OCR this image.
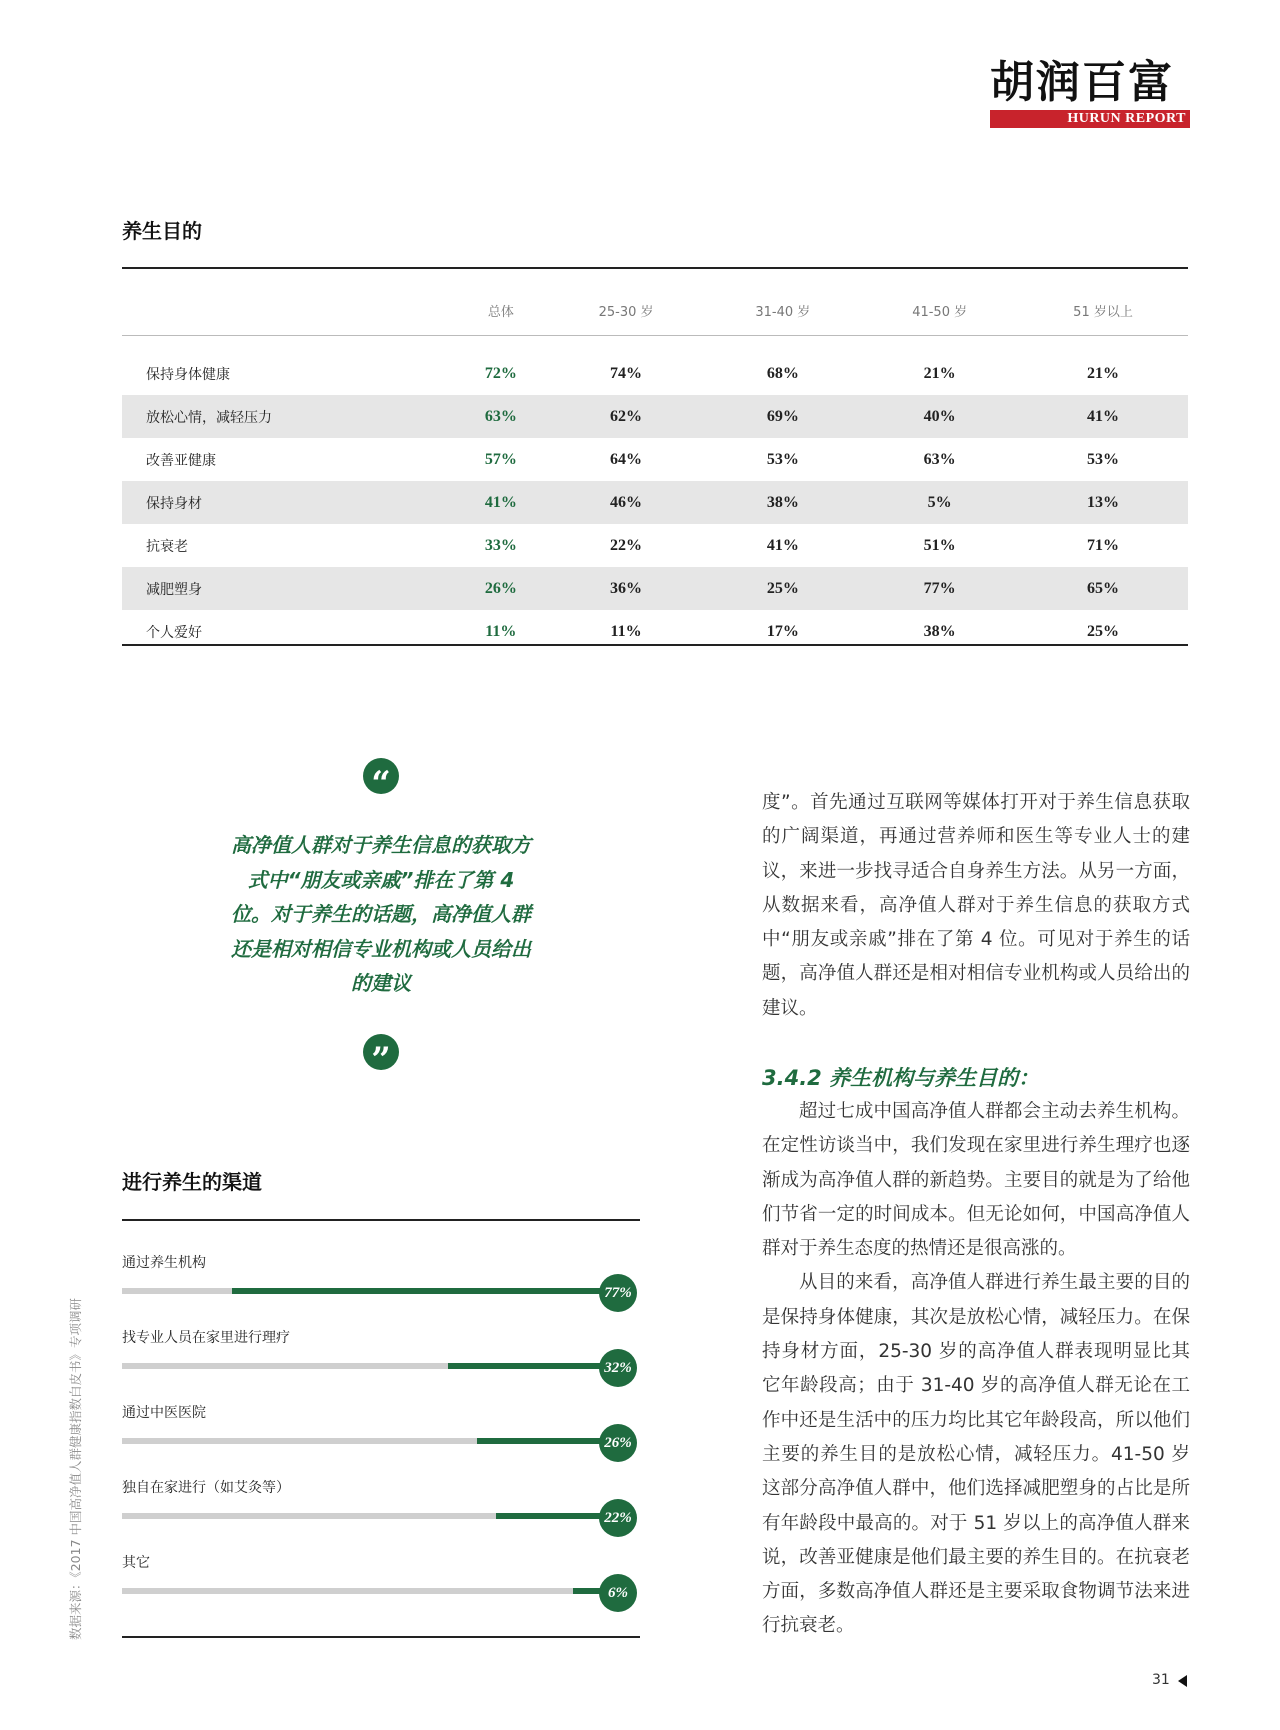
胡润百富
HURUN REPORT
养生目的
	总体	25-30 岁	31-40 岁	41-50 岁	51 岁以上

保持身体健康	72%	74%	68%	21%	21%
放松心情，减轻压力	63%	62%	69%	40%	41%
改善亚健康	57%	64%	53%	63%	53%
保持身材	41%	46%	38%	5%	13%
抗衰老	33%	22%	41%	51%	71%
减肥塑身	26%	36%	25%	77%	65%
个人爱好	11%	11%	17%	38%	25%
“
高净值人群对于养生信息的获取方式中“朋友或亲戚”排在了第 4 位。对于养生的话题，高净值人群还是相对相信专业机构或人员给出的建议
”

度”。首先通过互联网等媒体打开对于养生信息获取的广阔渠道，再通过营养师和医生等专业人士的建议，来进一步找寻适合自身养生方法。从另一方面，从数据来看，高净值人群对于养生信息的获取方式中“朋友或亲戚”排在了第 4 位。可见对于养生的话题，高净值人群还是相对相信专业机构或人员给出的建议。

3.4.2 养生机构与养生目的：

超过七成中国高净值人群都会主动去养生机构。在定性访谈当中，我们发现在家里进行养生理疗也逐渐成为高净值人群的新趋势。主要目的就是为了给他们节省一定的时间成本。但无论如何，中国高净值人群对于养生态度的热情还是很高涨的。

从目的来看，高净值人群进行养生最主要的目的是保持身体健康，其次是放松心情，减轻压力。在保持身材方面，25-30 岁的高净值人群表现明显比其它年龄段高；由于 31-40 岁的高净值人群无论在工作中还是生活中的压力均比其它年龄段高，所以他们主要的养生目的是放松心情，减轻压力。41-50 岁这部分高净值人群中，他们选择减肥塑身的占比是所有年龄段中最高的。对于 51 岁以上的高净值人群来说，改善亚健康是他们最主要的养生目的。在抗衰老方面，多数高净值人群还是主要采取食物调节法来进行抗衰老。

进行养生的渠道
通过养生机构
77%
找专业人员在家里进行理疗
32%
通过中医医院
26%
独自在家进行（如艾灸等）
22%
其它
6%
数据来源：《2017 中国高净值人群健康指数白皮书》专项调研
31
